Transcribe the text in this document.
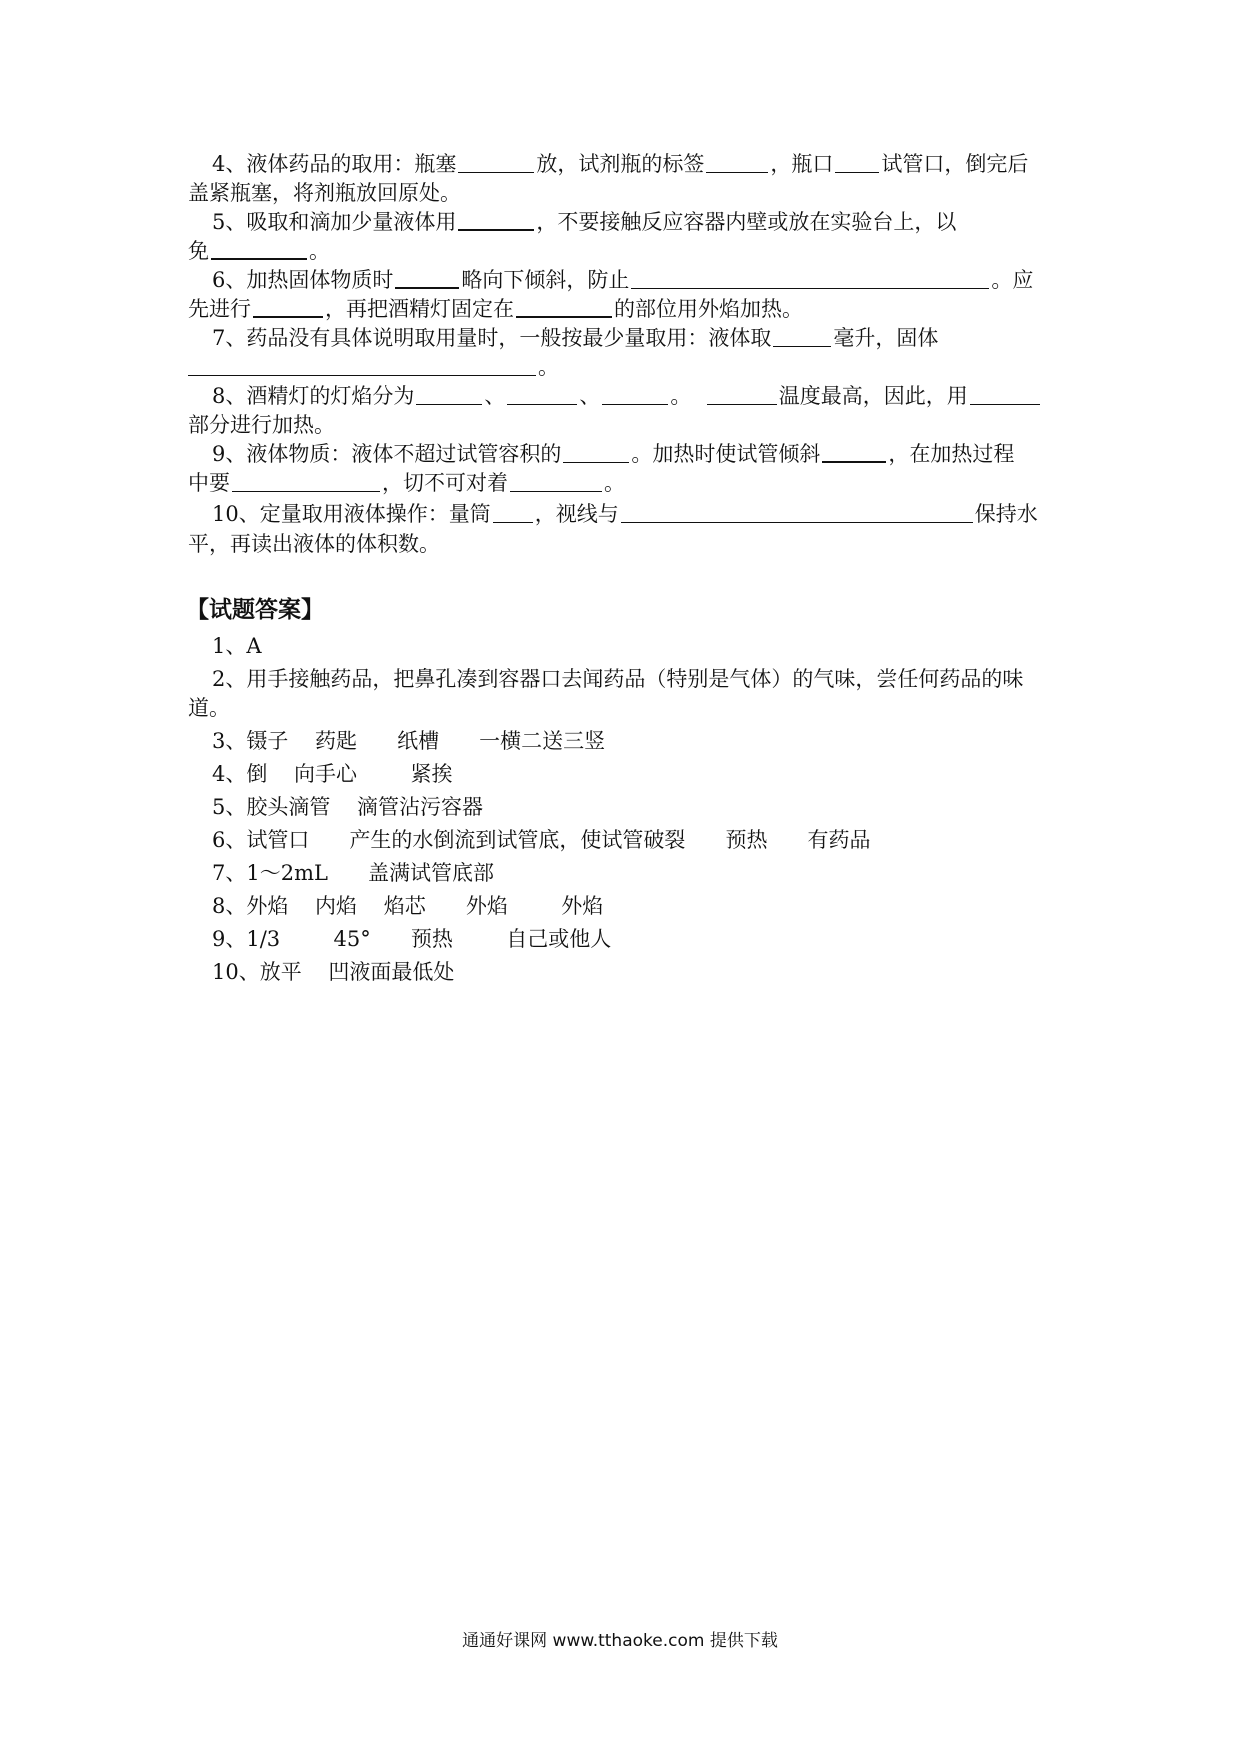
4、液体药品的取用：瓶塞	放，试剂瓶的标签	，瓶口 试管口，倒完后
盖紧瓶塞，将剂瓶放回原处。
5、吸取和滴加少量液体用	，不要接触反应容器内壁或放在实验台上，以
免	。
6、加热固体物质时	略向下倾斜，防止	。应
先进行	，再把酒精灯固定在	的部位用外焰加热。
7、药品没有具体说明取用量时，一般按最少量取用：液体取	毫升，固体
。
8、酒精灯的灯焰分为	、	、	。	温度最高，因此，用
部分进行加热。
9、液体物质：液体不超过试管容积的	。加热时使试管倾斜	，在加热过程
中要	，切不可对着	。
10、定量取用液体操作：量筒 ，视线与	保持水
平，再读出液体的体积数。
【试题答案】
1、A
2、用手接触药品，把鼻孔凑到容器口去闻药品（特别是气体）的气味，尝任何药品的味
道。
3、镊子    药匙      纸槽      一横二送三竖
4、倒    向手心        紧挨
5、胶头滴管    滴管沾污容器
6、试管口      产生的水倒流到试管底，使试管破裂      预热      有药品
7、1～2mL      盖满试管底部
8、外焰    内焰    焰芯      外焰        外焰
9、1/3        45°      预热        自己或他人
10、放平    凹液面最低处
通通好课网 www.tthaoke.com 提供下载
